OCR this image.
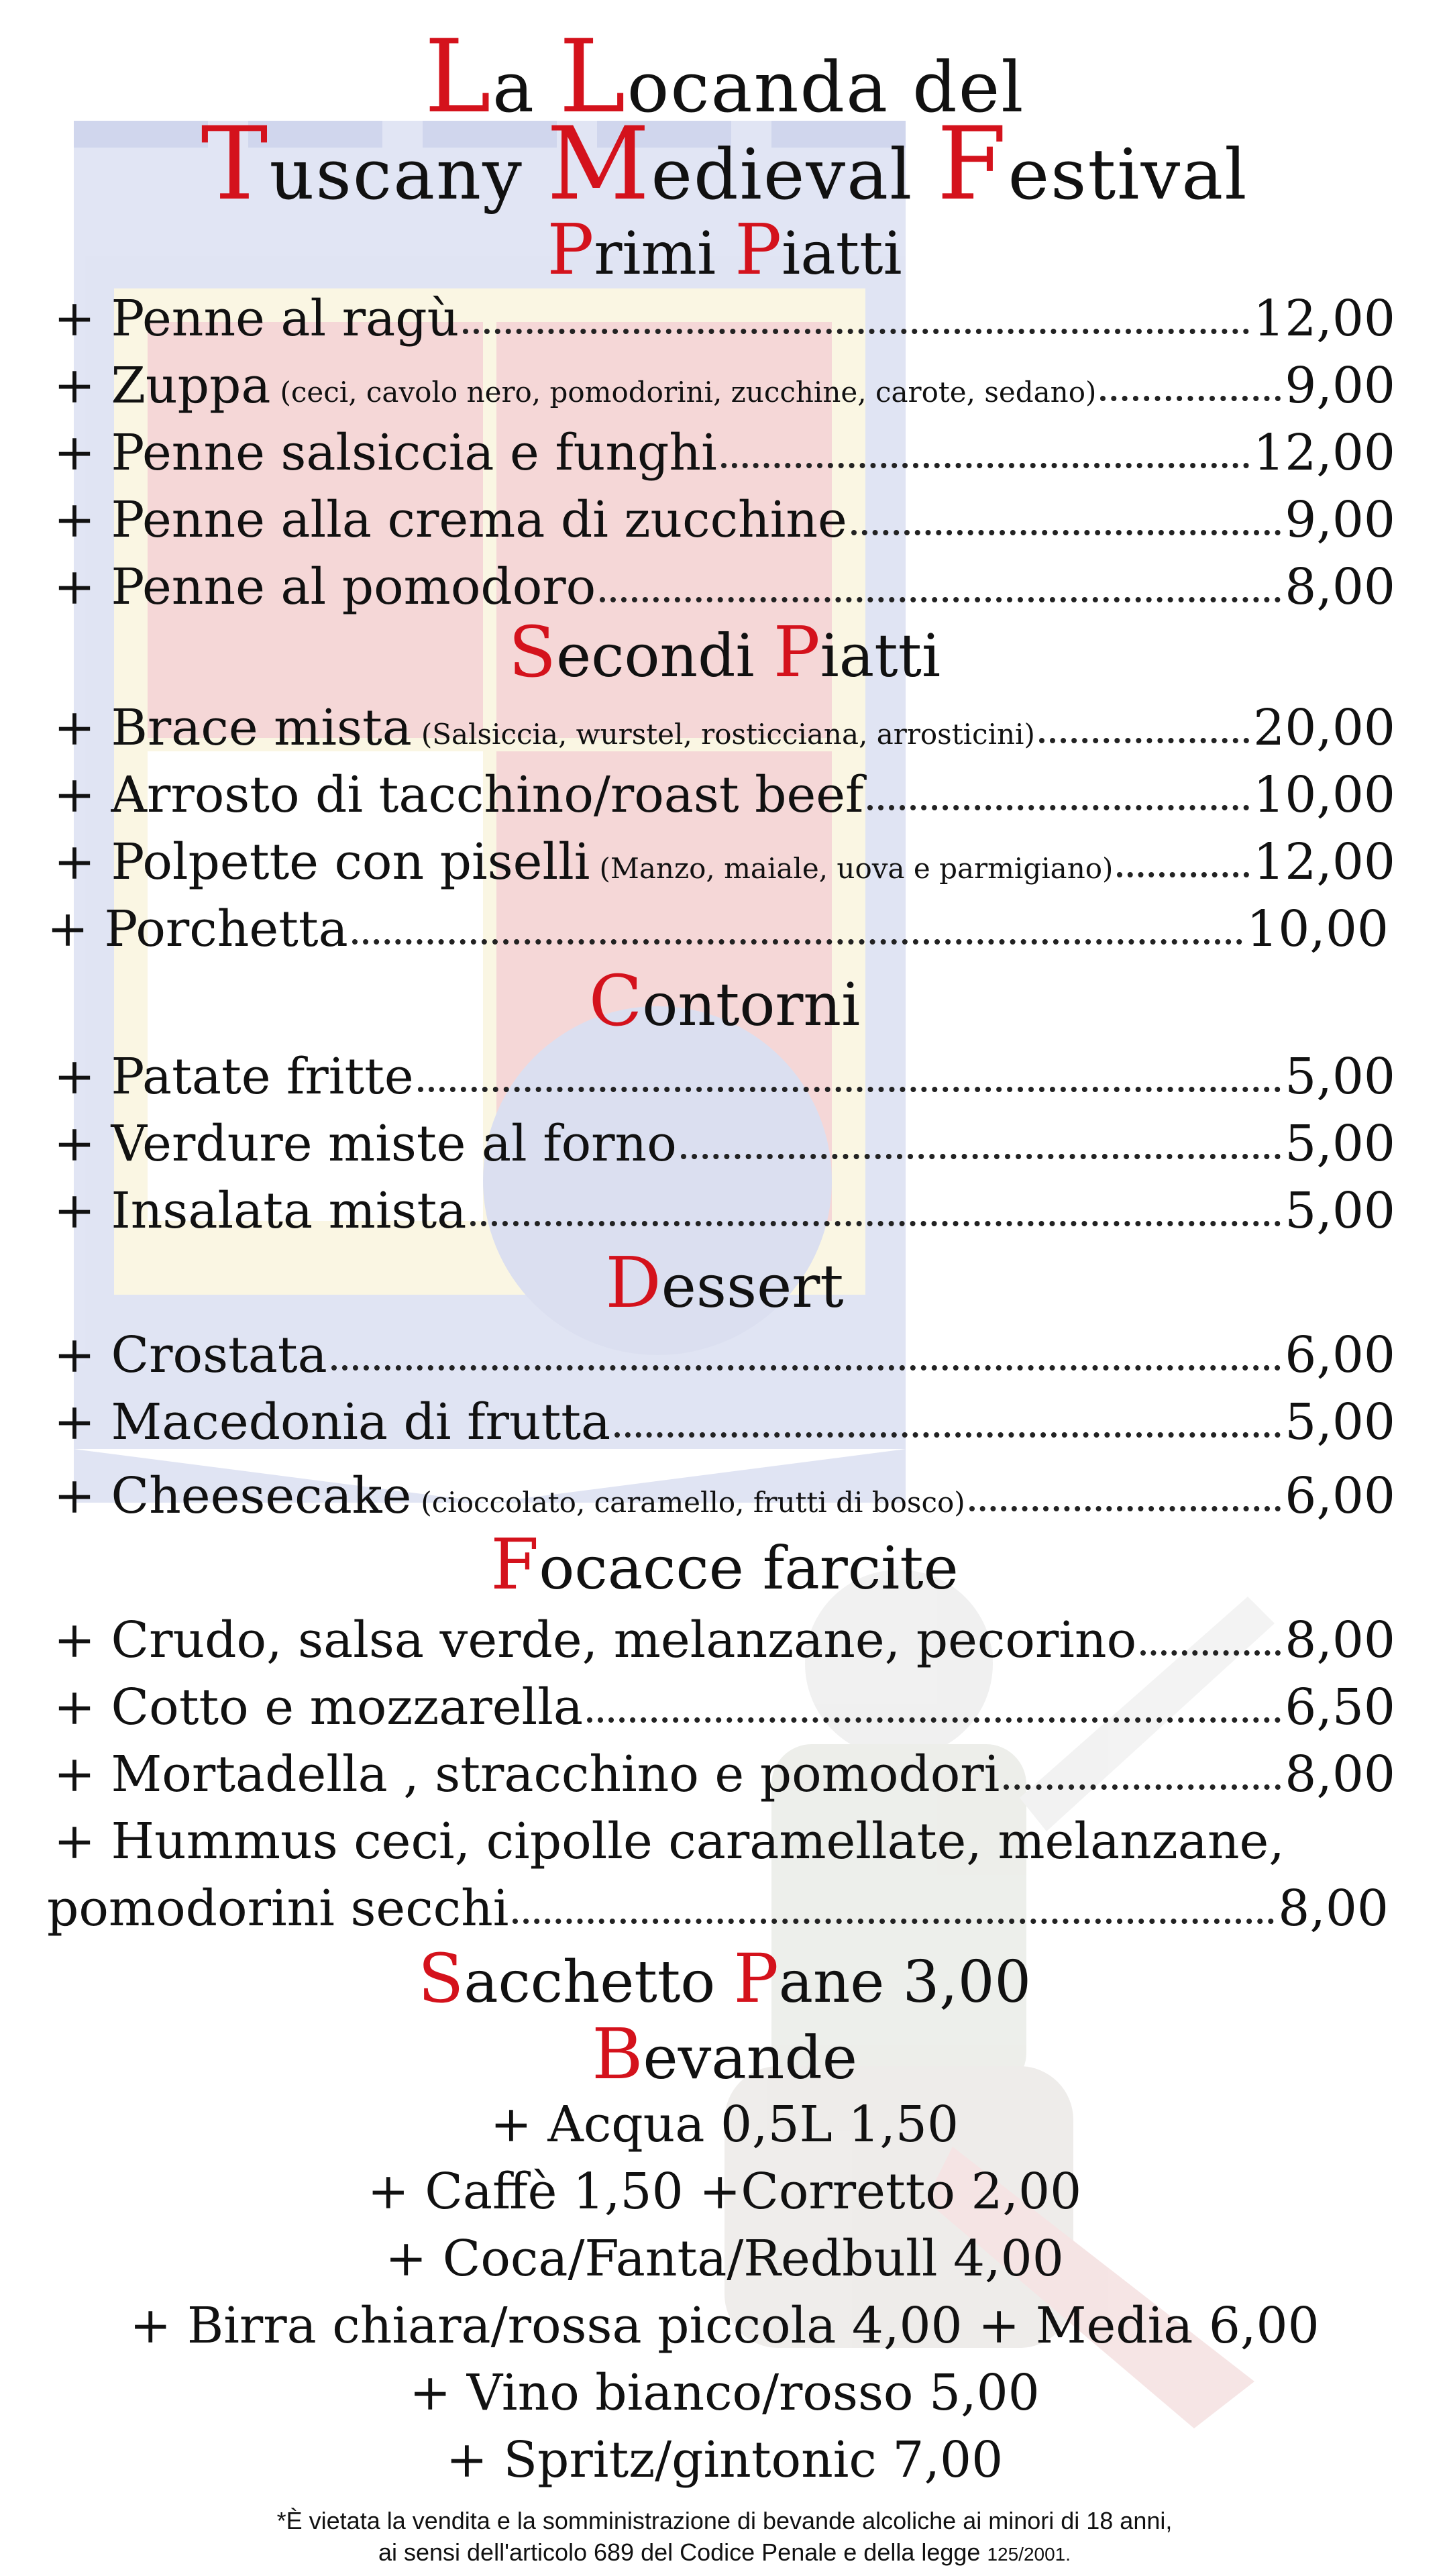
La Locanda del
Tuscany Medieval Festival
Primi Piatti
+ Penne al ragù	12,00
+ Zuppa (ceci, cavolo nero, pomodorini, zucchine, carote, sedano)	9,00
+ Penne salsiccia e funghi	12,00
+ Penne alla crema di zucchine	9,00
+ Penne al pomodoro	8,00
Secondi Piatti
+ Brace mista (Salsiccia, wurstel, rosticciana, arrosticini)	20,00
+ Arrosto di tacchino/roast beef	10,00
+ Polpette con piselli (Manzo, maiale, uova e parmigiano)	12,00
+ Porchetta	10,00
Contorni
+ Patate fritte	5,00
+ Verdure miste al forno	5,00
+ Insalata mista	5,00
Dessert
+ Crostata	6,00
+ Macedonia di frutta	5,00
+ Cheesecake (cioccolato, caramello, frutti di bosco)	6,00
Focacce farcite
+ Crudo, salsa verde, melanzane, pecorino	8,00
+ Cotto e mozzarella	6,50
+ Mortadella , stracchino e pomodori	8,00
+ Hummus ceci, cipolle caramellate, melanzane,
pomodorini secchi	8,00
Sacchetto Pane 3,00
Bevande
+ Acqua 0,5L 1,50
+ Caffè 1,50 +Corretto 2,00
+ Coca/Fanta/Redbull 4,00
+ Birra chiara/rossa piccola 4,00 + Media 6,00
+ Vino bianco/rosso 5,00
+ Spritz/gintonic 7,00
*È vietata la vendita e la somministrazione di bevande alcoliche ai minori di 18 anni,
ai sensi dell'articolo 689 del Codice Penale e della legge 125/2001.
